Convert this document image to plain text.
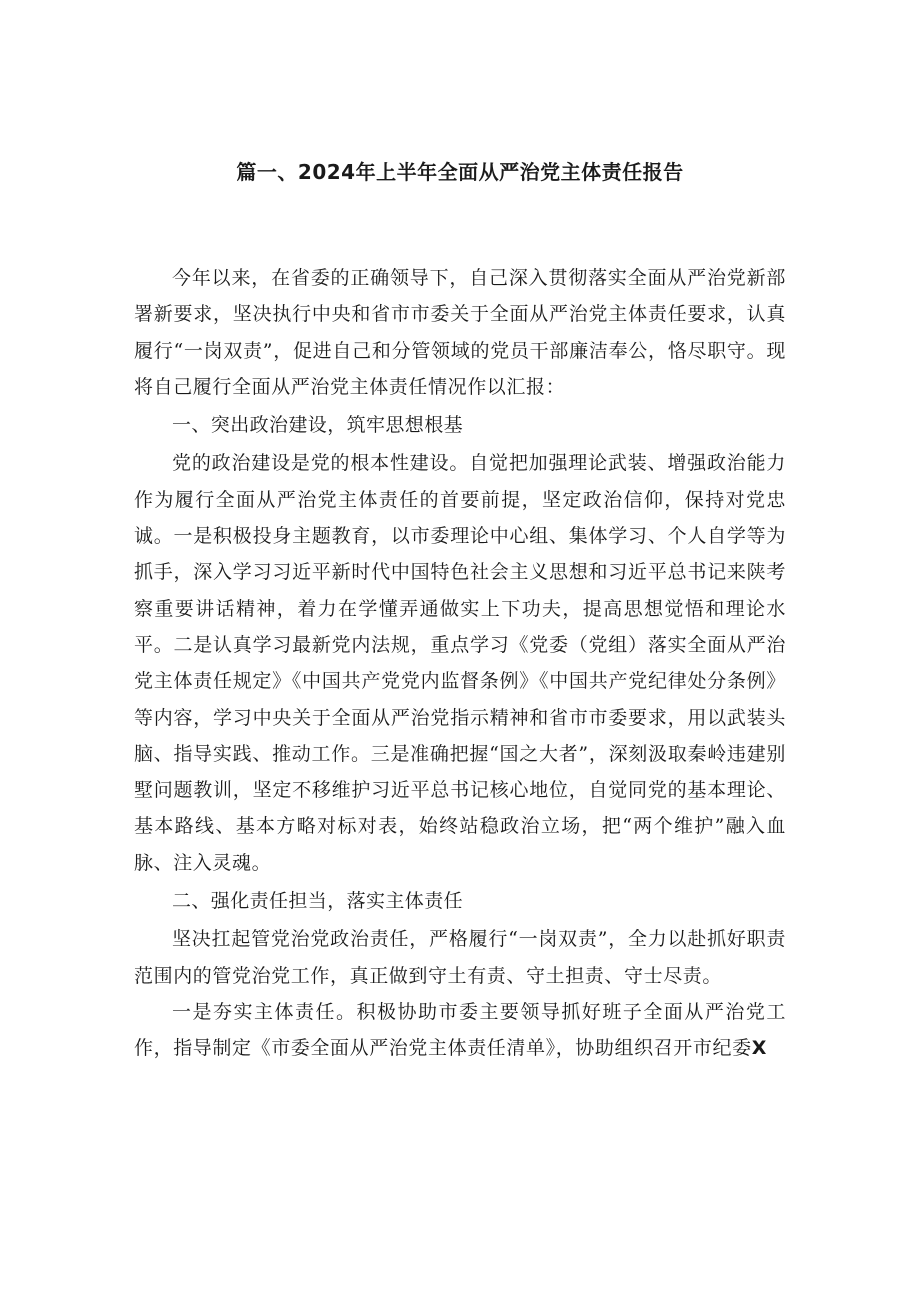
篇一、2024年上半年全面从严治党主体责任报告

今年以来，在省委的正确领导下，自己深入贯彻落实全面从严治党新部署新要求，坚决执行中央和省市市委关于全面从严治党主体责任要求，认真履行“一岗双责”，促进自己和分管领域的党员干部廉洁奉公，恪尽职守。现将自己履行全面从严治党主体责任情况作以汇报：

一、突出政治建设，筑牢思想根基

党的政治建设是党的根本性建设。自觉把加强理论武装、增强政治能力作为履行全面从严治党主体责任的首要前提，坚定政治信仰，保持对党忠诚。一是积极投身主题教育，以市委理论中心组、集体学习、个人自学等为抓手，深入学习习近平新时代中国特色社会主义思想和习近平总书记来陕考察重要讲话精神，着力在学懂弄通做实上下功夫，提高思想觉悟和理论水平。二是认真学习最新党内法规，重点学习《党委（党组）落实全面从严治党主体责任规定》《中国共产党党内监督条例》《中国共产党纪律处分条例》等内容，学习中央关于全面从严治党指示精神和省市市委要求，用以武装头脑、指导实践、推动工作。三是准确把握“国之大者”，深刻汲取秦岭违建别墅问题教训，坚定不移维护习近平总书记核心地位，自觉同党的基本理论、基本路线、基本方略对标对表，始终站稳政治立场，把“两个维护”融入血脉、注入灵魂。

二、强化责任担当，落实主体责任

坚决扛起管党治党政治责任，严格履行“一岗双责”，全力以赴抓好职责范围内的管党治党工作，真正做到守土有责、守土担责、守士尽责。

一是夯实主体责任。积极协助市委主要领导抓好班子全面从严治党工作，指导制定《市委全面从严治党主体责任清单》，协助组织召开市纪委X
